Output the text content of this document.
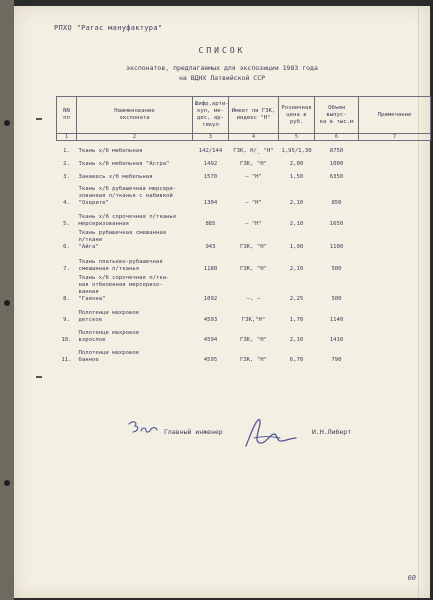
РПХО "Рагас мануфактура"
СПИСОК
экспонатов, предлагаемых для экспозиции 1983 года
на ВДНХ Латвийской ССР
NN
пп	Наименование
экспоната	Шифр,арти-
кул, ме-
дес, ар-
тикул	Имеет ли ГЗК,
индекс "Н"	Розничная
цена в
руб.	Объем выпус-
ка в тыс.м	Примечание
1	2	3	4	5	6	7
1.	Ткань х/б мебельная	142/144	ГЗК, Н/_ "Н"	1,95/1,30	8750	
2.	Ткань х/б мебельная "Астра"	1492	ГЗК, "Н"	2,00	1000	
3.	Занавесь х/б мебельная	1570	– "Н"	1,50	6350	
4.	Ткань х/б рубашечная мерсери-
зованная п/тканья с набивкой
"Озерите"	1304	– "Н"	2,10	850	
5.	Ткань х/б сорочечная п/тканья
мерсеризованная	885	– "Н"	2,10	1650	
6.	Ткань рубашечная смешанная
п/ткани
"Айга"	943	ГЗК, "Н"	1,90	1100	
7.	Ткань платьево-рубашечная
смешанная п/тканья	1180	ГЗК, "Н"	2,10	500	
8.	Ткань х/б сорочечная п/тка-
ная отбеленная мерсеризо-
ванная
"Гаяона"	1092	–, –	2,25	500	
9.	Полотенце махровое
детское	4593	ГЗК,"Н"	1,70	1140	
10.	Полотенце махровое
взрослое	4594	ГЗК, "Н"	2,10	1410	
11.	Полотенце махровое
банное	4595	ГЗК, "Н"	6,70	790	
За
Главный инженер	И.Н.Либерт
60
